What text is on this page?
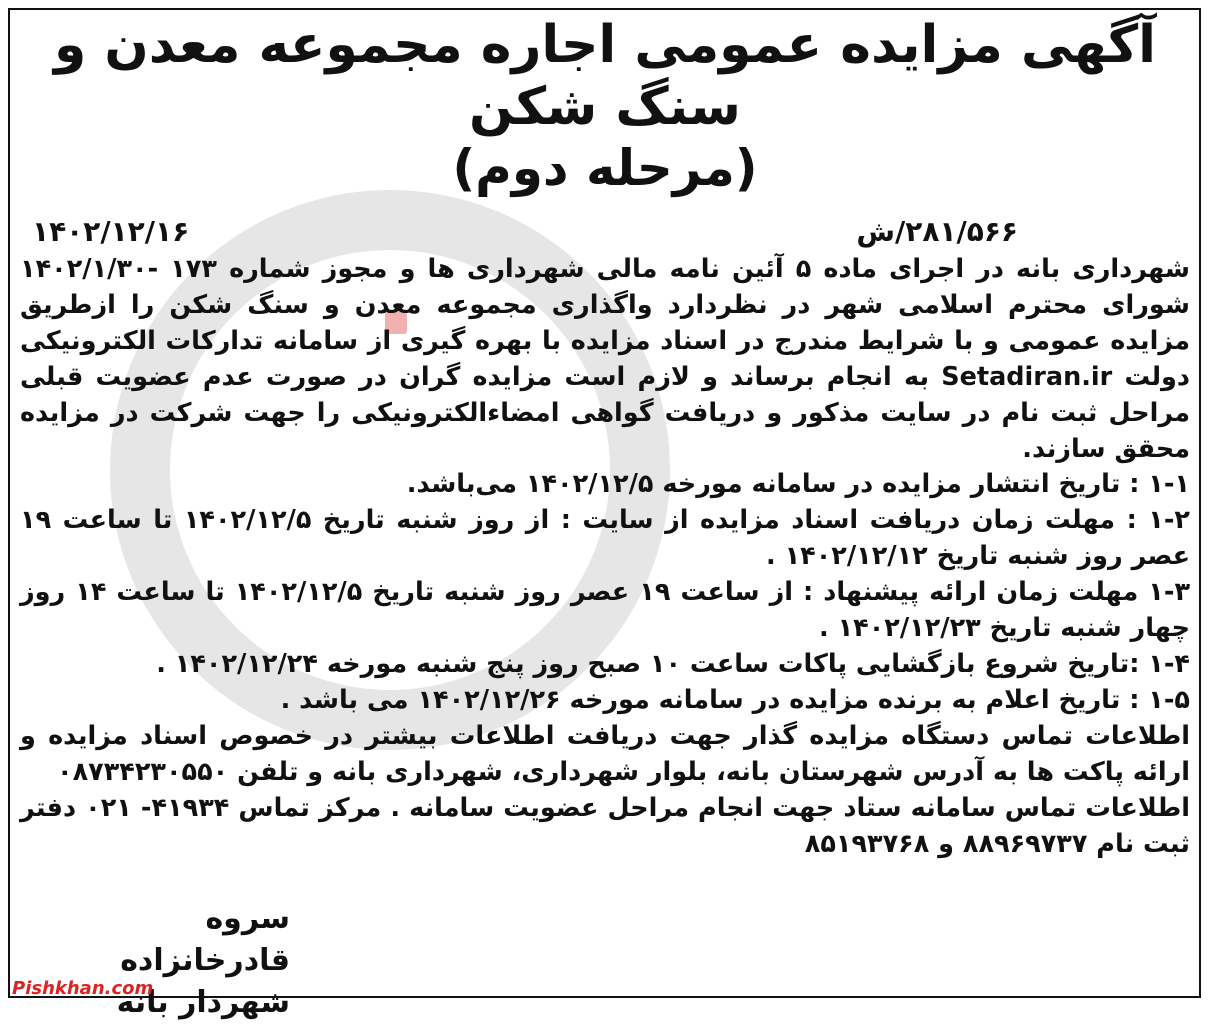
آگهی مزایده عمومی اجاره مجموعه معدن و سنگ شکن
(مرحله دوم)
۲۸۱/۵۶۶/ش
۱۴۰۲/۱۲/۱۶

شهرداری بانه در اجرای ماده ۵ آئین نامه مالی شهرداری ها و مجوز شماره ۱۷۳ -۱۴۰۲/۱/۳۰ شورای محترم اسلامی شهر در نظردارد واگذاری مجموعه معدن و سنگ شکن را ازطریق مزایده عمومی و با شرایط مندرج در اسناد مزایده با بهره گیری از سامانه تدارکات الکترونیکی دولت Setadiran.ir به انجام برساند و لازم است مزایده گران در صورت عدم عضویت قبلی مراحل ثبت نام در سایت مذکور و دریافت گواهی امضاءالکترونیکی را جهت شرکت در مزایده محقق سازند.

۱-۱ : تاریخ انتشار مزایده در سامانه مورخه ۱۴۰۲/۱۲/۵ می‌باشد.

۱-۲ : مهلت زمان دریافت اسناد مزایده از سایت : از روز شنبه تاریخ ۱۴۰۲/۱۲/۵ تا ساعت ۱۹ عصر روز شنبه تاریخ ۱۴۰۲/۱۲/۱۲ .

۱-۳ مهلت زمان ارائه پیشنهاد : از ساعت ۱۹ عصر روز شنبه تاریخ ۱۴۰۲/۱۲/۵ تا ساعت ۱۴ روز چهار شنبه تاریخ ۱۴۰۲/۱۲/۲۳ .

۱-۴ :تاریخ شروع بازگشایی پاکات ساعت ۱۰ صبح روز پنج شنبه مورخه ۱۴۰۲/۱۲/۲۴ .

۱-۵ : تاریخ اعلام به برنده مزایده در سامانه مورخه ۱۴۰۲/۱۲/۲۶ می باشد .

اطلاعات تماس دستگاه مزایده گذار جهت دریافت اطلاعات بیشتر در خصوص اسناد مزایده و ارائه پاکت ها به آدرس شهرستان بانه، بلوار شهرداری، شهرداری بانه و تلفن ۰۸۷۳۴۲۳۰۵۵۰

اطلاعات تماس سامانه ستاد جهت انجام مراحل عضویت سامانه . مرکز تماس ۴۱۹۳۴- ۰۲۱ دفتر ثبت نام ۸۸۹۶۹۷۳۷ و ۸۵۱۹۳۷۶۸

سروه قادرخانزاده
شهردار بانه
Pishkhan.com
